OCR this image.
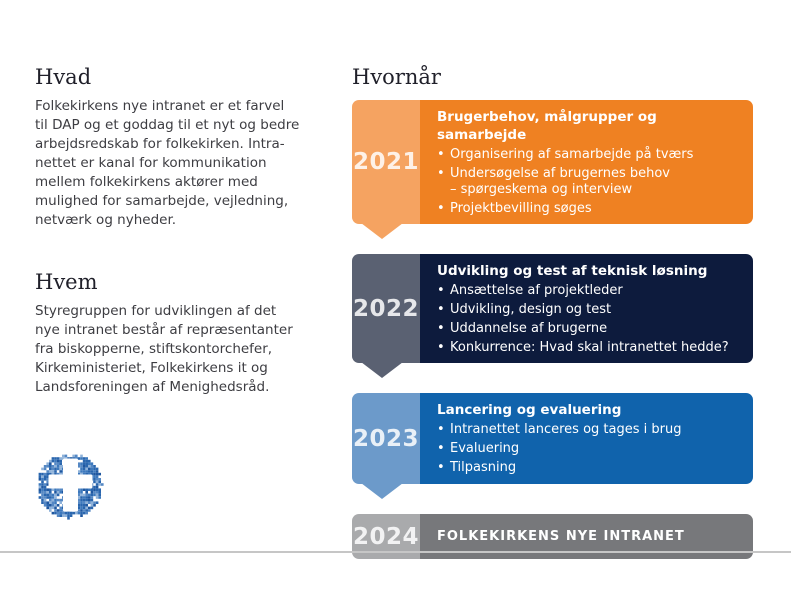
Hvad

Folkekirkens nye intranet er et farvel
til DAP og et goddag til et nyt og bedre
arbejdsredskab for folkekirken. Intra-
nettet er kanal for kommunikation
mellem folkekirkens aktører med
mulighed for samarbejde, vejledning,
netværk og nyheder.

Hvem

Styregruppen for udviklingen af det
nye intranet består af repræsentanter
fra biskopperne, stiftskontorchefer,
Kirkeministeriet, Folkekirkens it og
Landsforeningen af Menighedsråd.

Hvornår
2021
Brugerbehov, målgrupper og samarbejde
• Organisering af samarbejde på tværs
• Undersøgelse af brugernes behov
– spørgeskema og interview
• Projektbevilling søges
2022
Udvikling og test af teknisk løsning
• Ansættelse af projektleder
• Udvikling, design og test
• Uddannelse af brugerne
• Konkurrence: Hvad skal intranettet hedde?
2023
Lancering og evaluering
• Intranettet lanceres og tages i brug
• Evaluering
• Tilpasning
2024 FOLKEKIRKENS NYE INTRANET
